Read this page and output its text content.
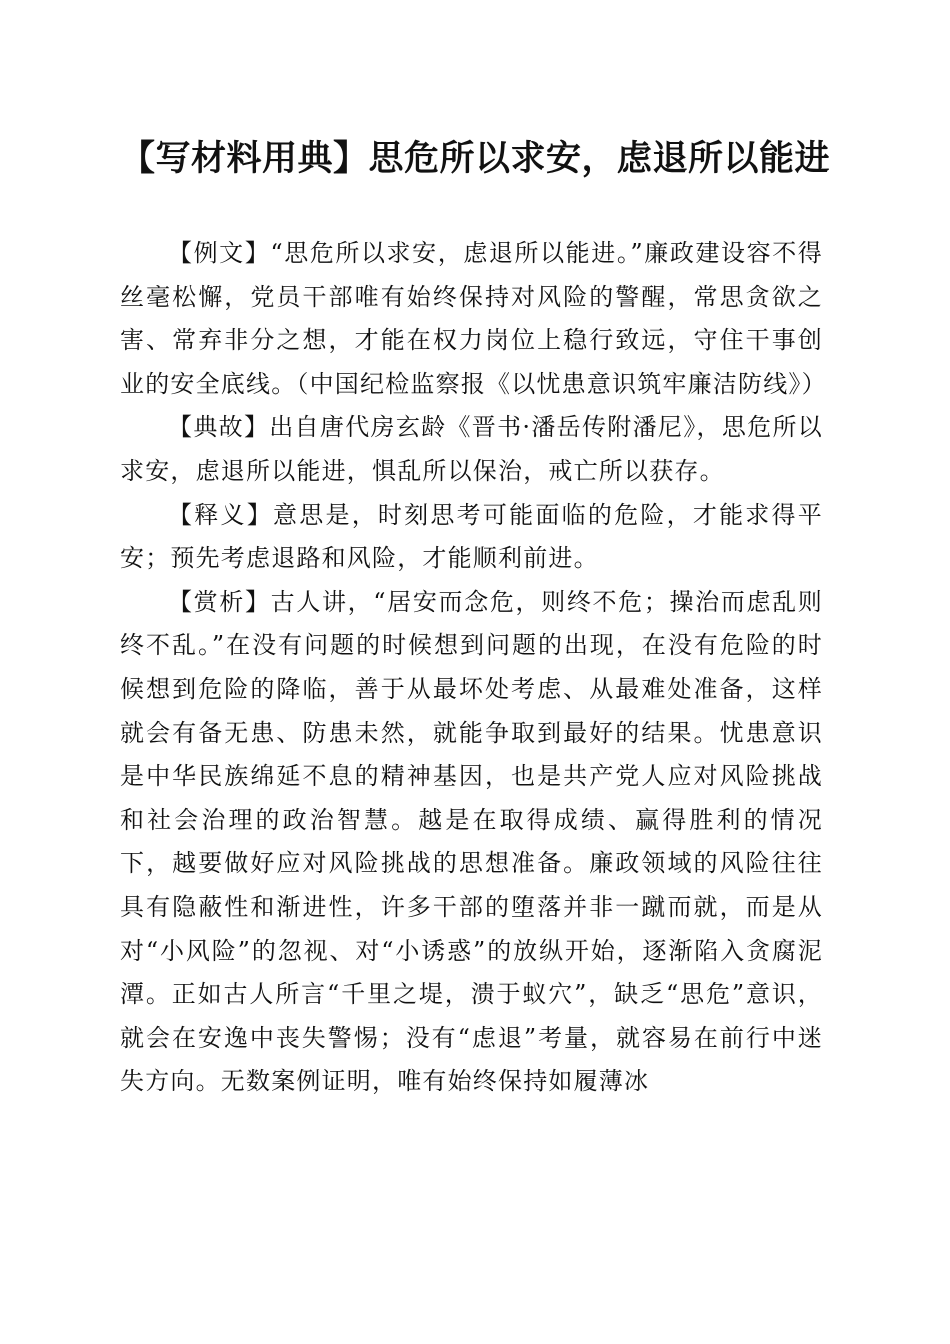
【写材料用典】思危所以求安，虑退所以能进

【例文】“思危所以求安，虑退所以能进。”廉政建设容不得丝毫松懈，党员干部唯有始终保持对风险的警醒，常思贪欲之害、常弃非分之想，才能在权力岗位上稳行致远，守住干事创业的安全底线。（中国纪检监察报《以忧患意识筑牢廉洁防线》）

【典故】出自唐代房玄龄《晋书·潘岳传附潘尼》，思危所以求安，虑退所以能进，惧乱所以保治，戒亡所以获存。

【释义】意思是，时刻思考可能面临的危险，才能求得平安；预先考虑退路和风险，才能顺利前进。

【赏析】古人讲，“居安而念危，则终不危；操治而虑乱则终不乱。”在没有问题的时候想到问题的出现，在没有危险的时候想到危险的降临，善于从最坏处考虑、从最难处准备，这样就会有备无患、防患未然，就能争取到最好的结果。忧患意识是中华民族绵延不息的精神基因，也是共产党人应对风险挑战和社会治理的政治智慧。越是在取得成绩、赢得胜利的情况下，越要做好应对风险挑战的思想准备。廉政领域的风险往往具有隐蔽性和渐进性，许多干部的堕落并非一蹴而就，而是从对“小风险”的忽视、对“小诱惑”的放纵开始，逐渐陷入贪腐泥潭。正如古人所言“千里之堤，溃于蚁穴”，缺乏“思危”意识，就会在安逸中丧失警惕；没有“虑退”考量，就容易在前行中迷失方向。无数案例证明，唯有始终保持如履薄冰
